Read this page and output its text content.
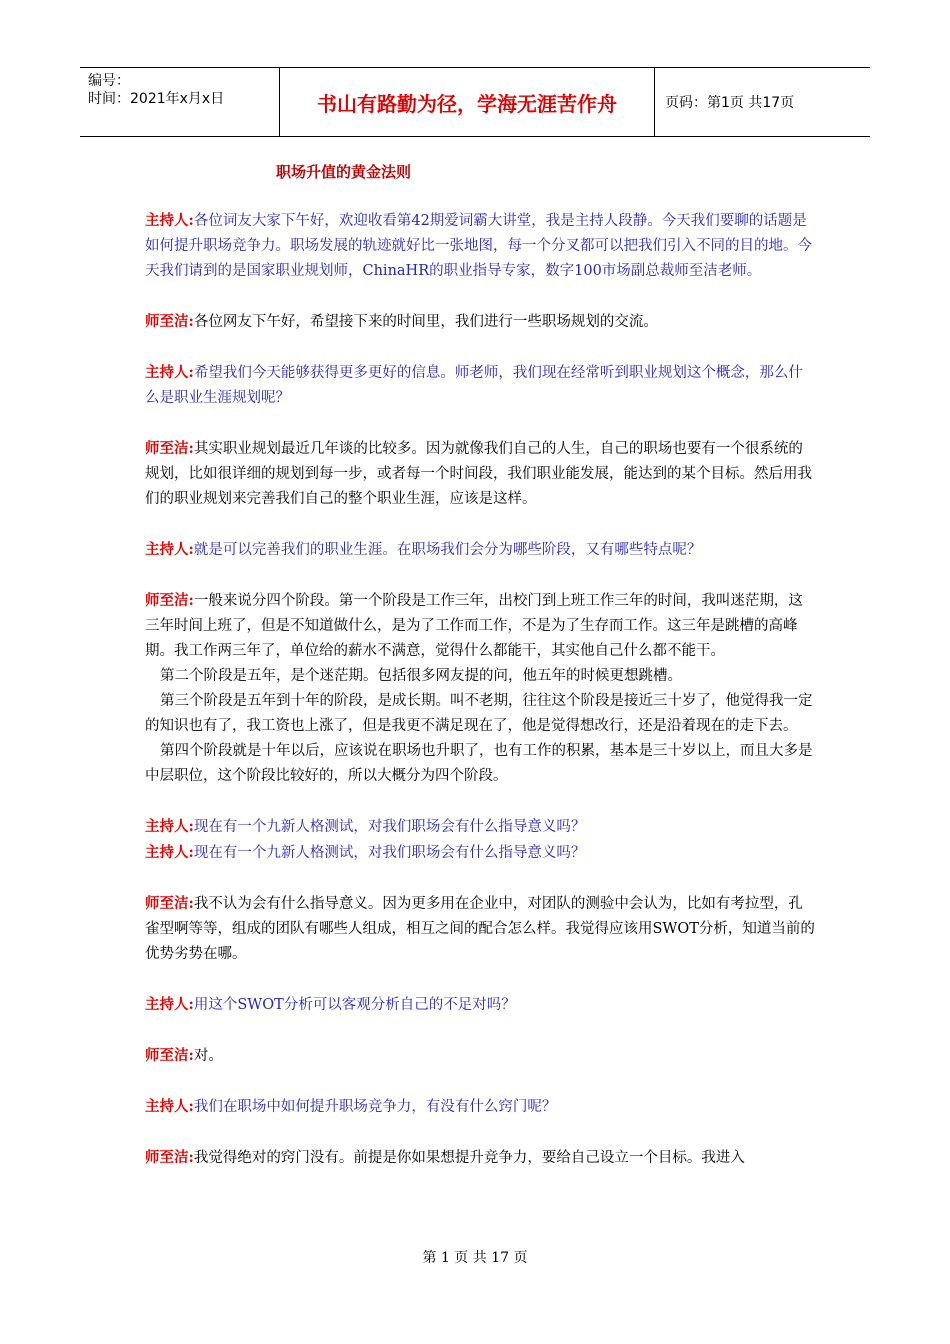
编号：
时间：2021年x月x日	书山有路勤为径，学海无涯苦作舟	页码：第1页 共17页
职场升值的黄金法则

主持人:各位词友大家下午好，欢迎收看第42期爱词霸大讲堂，我是主持人段静。今天我们要聊的话题是如何提升职场竞争力。职场发展的轨迹就好比一张地图，每一个分叉都可以把我们引入不同的目的地。今天我们请到的是国家职业规划师，ChinaHR的职业指导专家，数字100市场副总裁师至洁老师。

师至洁:各位网友下午好，希望接下来的时间里，我们进行一些职场规划的交流。

主持人:希望我们今天能够获得更多更好的信息。师老师，我们现在经常听到职业规划这个概念，那么什么是职业生涯规划呢？

师至洁:其实职业规划最近几年谈的比较多。因为就像我们自己的人生，自己的职场也要有一个很系统的规划，比如很详细的规划到每一步，或者每一个时间段，我们职业能发展，能达到的某个目标。然后用我们的职业规划来完善我们自己的整个职业生涯，应该是这样。

主持人:就是可以完善我们的职业生涯。在职场我们会分为哪些阶段，又有哪些特点呢？

师至洁:一般来说分四个阶段。第一个阶段是工作三年，出校门到上班工作三年的时间，我叫迷茫期，这三年时间上班了，但是不知道做什么，是为了工作而工作，不是为了生存而工作。这三年是跳槽的高峰期。我工作两三年了，单位给的薪水不满意，觉得什么都能干，其实他自己什么都不能干。

第二个阶段是五年，是个迷茫期。包括很多网友提的问，他五年的时候更想跳槽。

第三个阶段是五年到十年的阶段，是成长期。叫不老期，往往这个阶段是接近三十岁了，他觉得我一定的知识也有了，我工资也上涨了，但是我更不满足现在了，他是觉得想改行，还是沿着现在的走下去。

第四个阶段就是十年以后，应该说在职场也升职了，也有工作的积累，基本是三十岁以上，而且大多是中层职位，这个阶段比较好的，所以大概分为四个阶段。

主持人:现在有一个九新人格测试，对我们职场会有什么指导意义吗？

主持人:现在有一个九新人格测试，对我们职场会有什么指导意义吗？

师至洁:我不认为会有什么指导意义。因为更多用在企业中，对团队的测验中会认为，比如有考拉型，孔雀型啊等等，组成的团队有哪些人组成，相互之间的配合怎么样。我觉得应该用SWOT分析，知道当前的优势劣势在哪。

主持人:用这个SWOT分析可以客观分析自己的不足对吗？

师至洁:对。

主持人:我们在职场中如何提升职场竞争力，有没有什么窍门呢？

师至洁:我觉得绝对的窍门没有。前提是你如果想提升竞争力，要给自己设立一个目标。我进入

第 1 页 共 17 页
